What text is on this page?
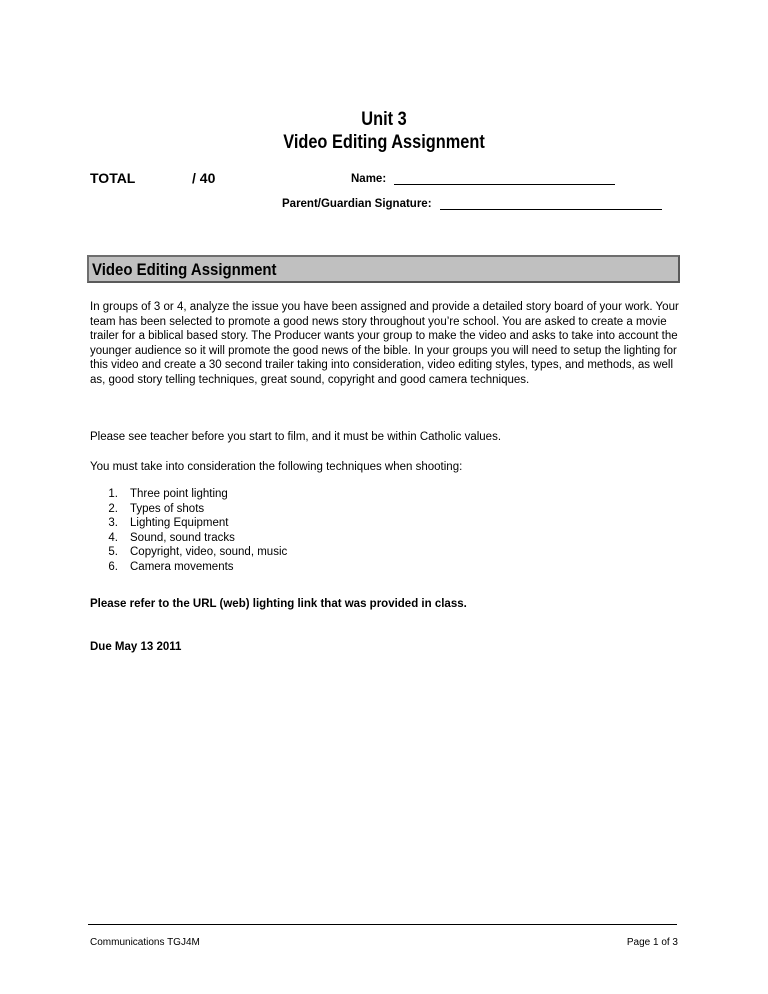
Unit 3
Video Editing Assignment
TOTAL	/ 40	Name:
Parent/Guardian Signature:
Video Editing Assignment

In groups of 3 or 4, analyze the issue you have been assigned and provide a detailed story board of your work. Your team has been selected to promote a good news story throughout you’re school. You are asked to create a movie trailer for a biblical based story. The Producer wants your group to make the video and asks to take into account the younger audience so it will promote the good news of the bible. In your groups you will need to setup the lighting for this video and create a 30 second trailer taking into consideration, video editing styles, types, and methods, as well as, good story telling techniques, great sound, copyright and good camera techniques.

Please see teacher before you start to film, and it must be within Catholic values.

You must take into consideration the following techniques when shooting:

1.	Three point lighting
2.	Types of shots
3.	Lighting Equipment
4.	Sound, sound tracks
5.	Copyright, video, sound, music
6.	Camera movements

Please refer to the URL (web) lighting link that was provided in class.

Due May 13 2011

Communications TGJ4M	Page 1 of 3
